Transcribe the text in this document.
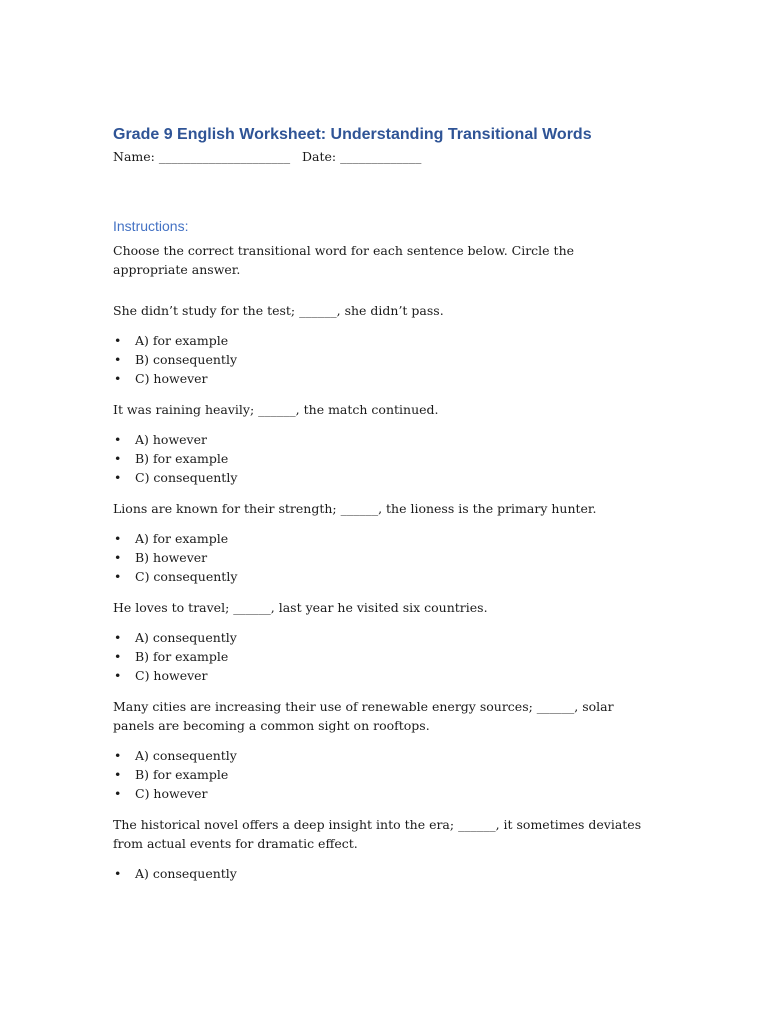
Grade 9 English Worksheet: Understanding Transitional Words
Name: _____________________   Date: _____________
Instructions:
Choose the correct transitional word for each sentence below. Circle the appropriate answer.

She didn’t study for the test; ______, she didn’t pass.

• A) for example
• B) consequently
• C) however

It was raining heavily; ______, the match continued.

• A) however
• B) for example
• C) consequently

Lions are known for their strength; ______, the lioness is the primary hunter.

• A) for example
• B) however
• C) consequently

He loves to travel; ______, last year he visited six countries.

• A) consequently
• B) for example
• C) however

Many cities are increasing their use of renewable energy sources; ______, solar panels are becoming a common sight on rooftops.

• A) consequently
• B) for example
• C) however

The historical novel offers a deep insight into the era; ______, it sometimes deviates from actual events for dramatic effect.

• A) consequently
